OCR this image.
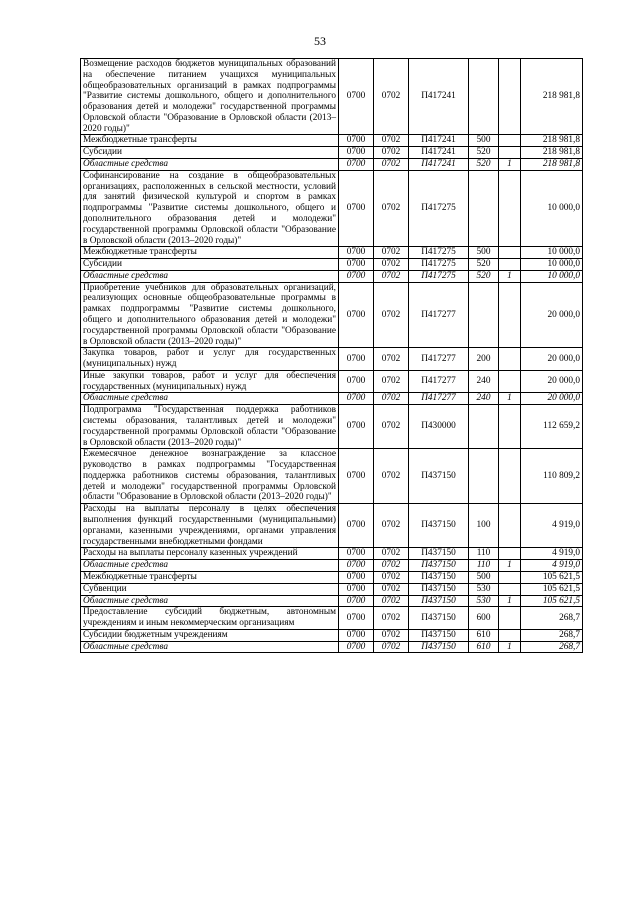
53
Возмещение расходов бюджетов муниципальных образований на обеспечение питанием учащихся муниципальных общеобразовательных организаций в рамках подпрограммы "Развитие системы дошкольного, общего и дополнительного образования детей и молодежи" государственной программы Орловской области "Образование в Орловской области (2013–2020 годы)"	0700	0702	П417241			218 981,8
Межбюджетные трансферты	0700	0702	П417241	500		218 981,8
Субсидии	0700	0702	П417241	520		218 981,8
Областные средства	0700	0702	П417241	520	1	218 981,8
Софинансирование на создание в общеобразовательных организациях, расположенных в сельской местности, условий для занятий физической культурой и спортом в рамках подпрограммы "Развитие системы дошкольного, общего и дополнительного образования детей и молодежи" государственной программы Орловской области "Образование в Орловской области (2013–2020 годы)"	0700	0702	П417275			10 000,0
Межбюджетные трансферты	0700	0702	П417275	500		10 000,0
Субсидии	0700	0702	П417275	520		10 000,0
Областные средства	0700	0702	П417275	520	1	10 000,0
Приобретение учебников для образовательных организаций, реализующих основные общеобразовательные программы в рамках подпрограммы "Развитие системы дошкольного, общего и дополнительного образования детей и молодежи" государственной программы Орловской области "Образование в Орловской области (2013–2020 годы)"	0700	0702	П417277			20 000,0
Закупка товаров, работ и услуг для государственных (муниципальных) нужд	0700	0702	П417277	200		20 000,0
Иные закупки товаров, работ и услуг для обеспечения государственных (муниципальных) нужд	0700	0702	П417277	240		20 000,0
Областные средства	0700	0702	П417277	240	1	20 000,0
Подпрограмма "Государственная поддержка работников системы образования, талантливых детей и молодежи" государственной программы Орловской области "Образование в Орловской области (2013–2020 годы)"	0700	0702	П430000			112 659,2
Ежемесячное денежное вознаграждение за классное руководство в рамках подпрограммы "Государственная поддержка работников системы образования, талантливых детей и молодежи" государственной программы Орловской области "Образование в Орловской области (2013–2020 годы)"	0700	0702	П437150			110 809,2
Расходы на выплаты персоналу в целях обеспечения выполнения функций государственными (муниципальными) органами, казенными учреждениями, органами управления государственными внебюджетными фондами	0700	0702	П437150	100		4 919,0
Расходы на выплаты персоналу казенных учреждений	0700	0702	П437150	110		4 919,0
Областные средства	0700	0702	П437150	110	1	4 919,0
Межбюджетные трансферты	0700	0702	П437150	500		105 621,5
Субвенции	0700	0702	П437150	530		105 621,5
Областные средства	0700	0702	П437150	530	1	105 621,5
Предоставление субсидий бюджетным, автономным учреждениям и иным некоммерческим организациям	0700	0702	П437150	600		268,7
Субсидии бюджетным учреждениям	0700	0702	П437150	610		268,7
Областные средства	0700	0702	П437150	610	1	268,7
